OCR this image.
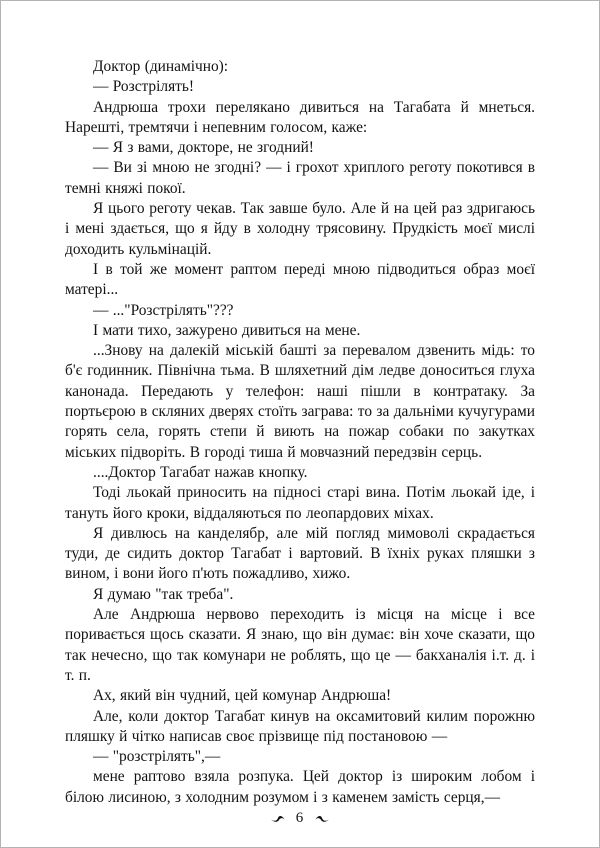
Доктор (динамічно):

— Розстрілять!

Андрюша трохи перелякано дивиться на Тагабата й мнеться. Нарешті, тремтячи і непевним голосом, каже:

— Я з вами, докторе, не згодний!

— Ви зі мною не згодні? — і грохот хриплого реготу покотився в темні княжі покої.

Я цього реготу чекав. Так завше було. Але й на цей раз здригаюсь і мені здається, що я йду в холодну трясовину. Прудкість моєї мислі доходить кульмінацій.

І в той же момент раптом переді мною підводиться образ моєї матері...

— ..."Розстрілять"???

І мати тихо, зажурено дивиться на мене.

...Знову на далекій міській башті за перевалом дзвенить мідь: то б'є годинник. Північна тьма. В шляхетний дім ледве доноситься глуха канонада. Передають у телефон: наші пішли в контратаку. За портьєрою в скляних дверях стоїть заграва: то за дальніми кучугурами горять села, горять степи й виють на пожар собаки по закутках міських підворіть. В городі тиша й мовчазний передзвін серць.

....Доктор Тагабат нажав кнопку.

Тоді льокай приносить на підносі старі вина. Потім льокай іде, і тануть його кроки, віддаляються по леопардових міхах.

Я дивлюсь на канделябр, але мій погляд мимоволі скрадається туди, де сидить доктор Тагабат і вартовий. В їхніх руках пляшки з вином, і вони його п'ють пожадливо, хижо.

Я думаю "так треба".

Але Андрюша нервово переходить із місця на місце і все поривається щось сказати. Я знаю, що він думає: він хоче сказати, що так нечесно, що так комунари не роблять, що це — бакханалія і.т. д. і т. п.

Ах, який він чудний, цей комунар Андрюша!

Але, коли доктор Тагабат кинув на оксамитовий килим порожню пляшку й чітко написав своє прізвище під постановою —

— "розстрілять",—

мене раптово взяла розпука. Цей доктор із широким лобом і білою лисиною, з холодним розумом і з каменем замість серця,—

6
